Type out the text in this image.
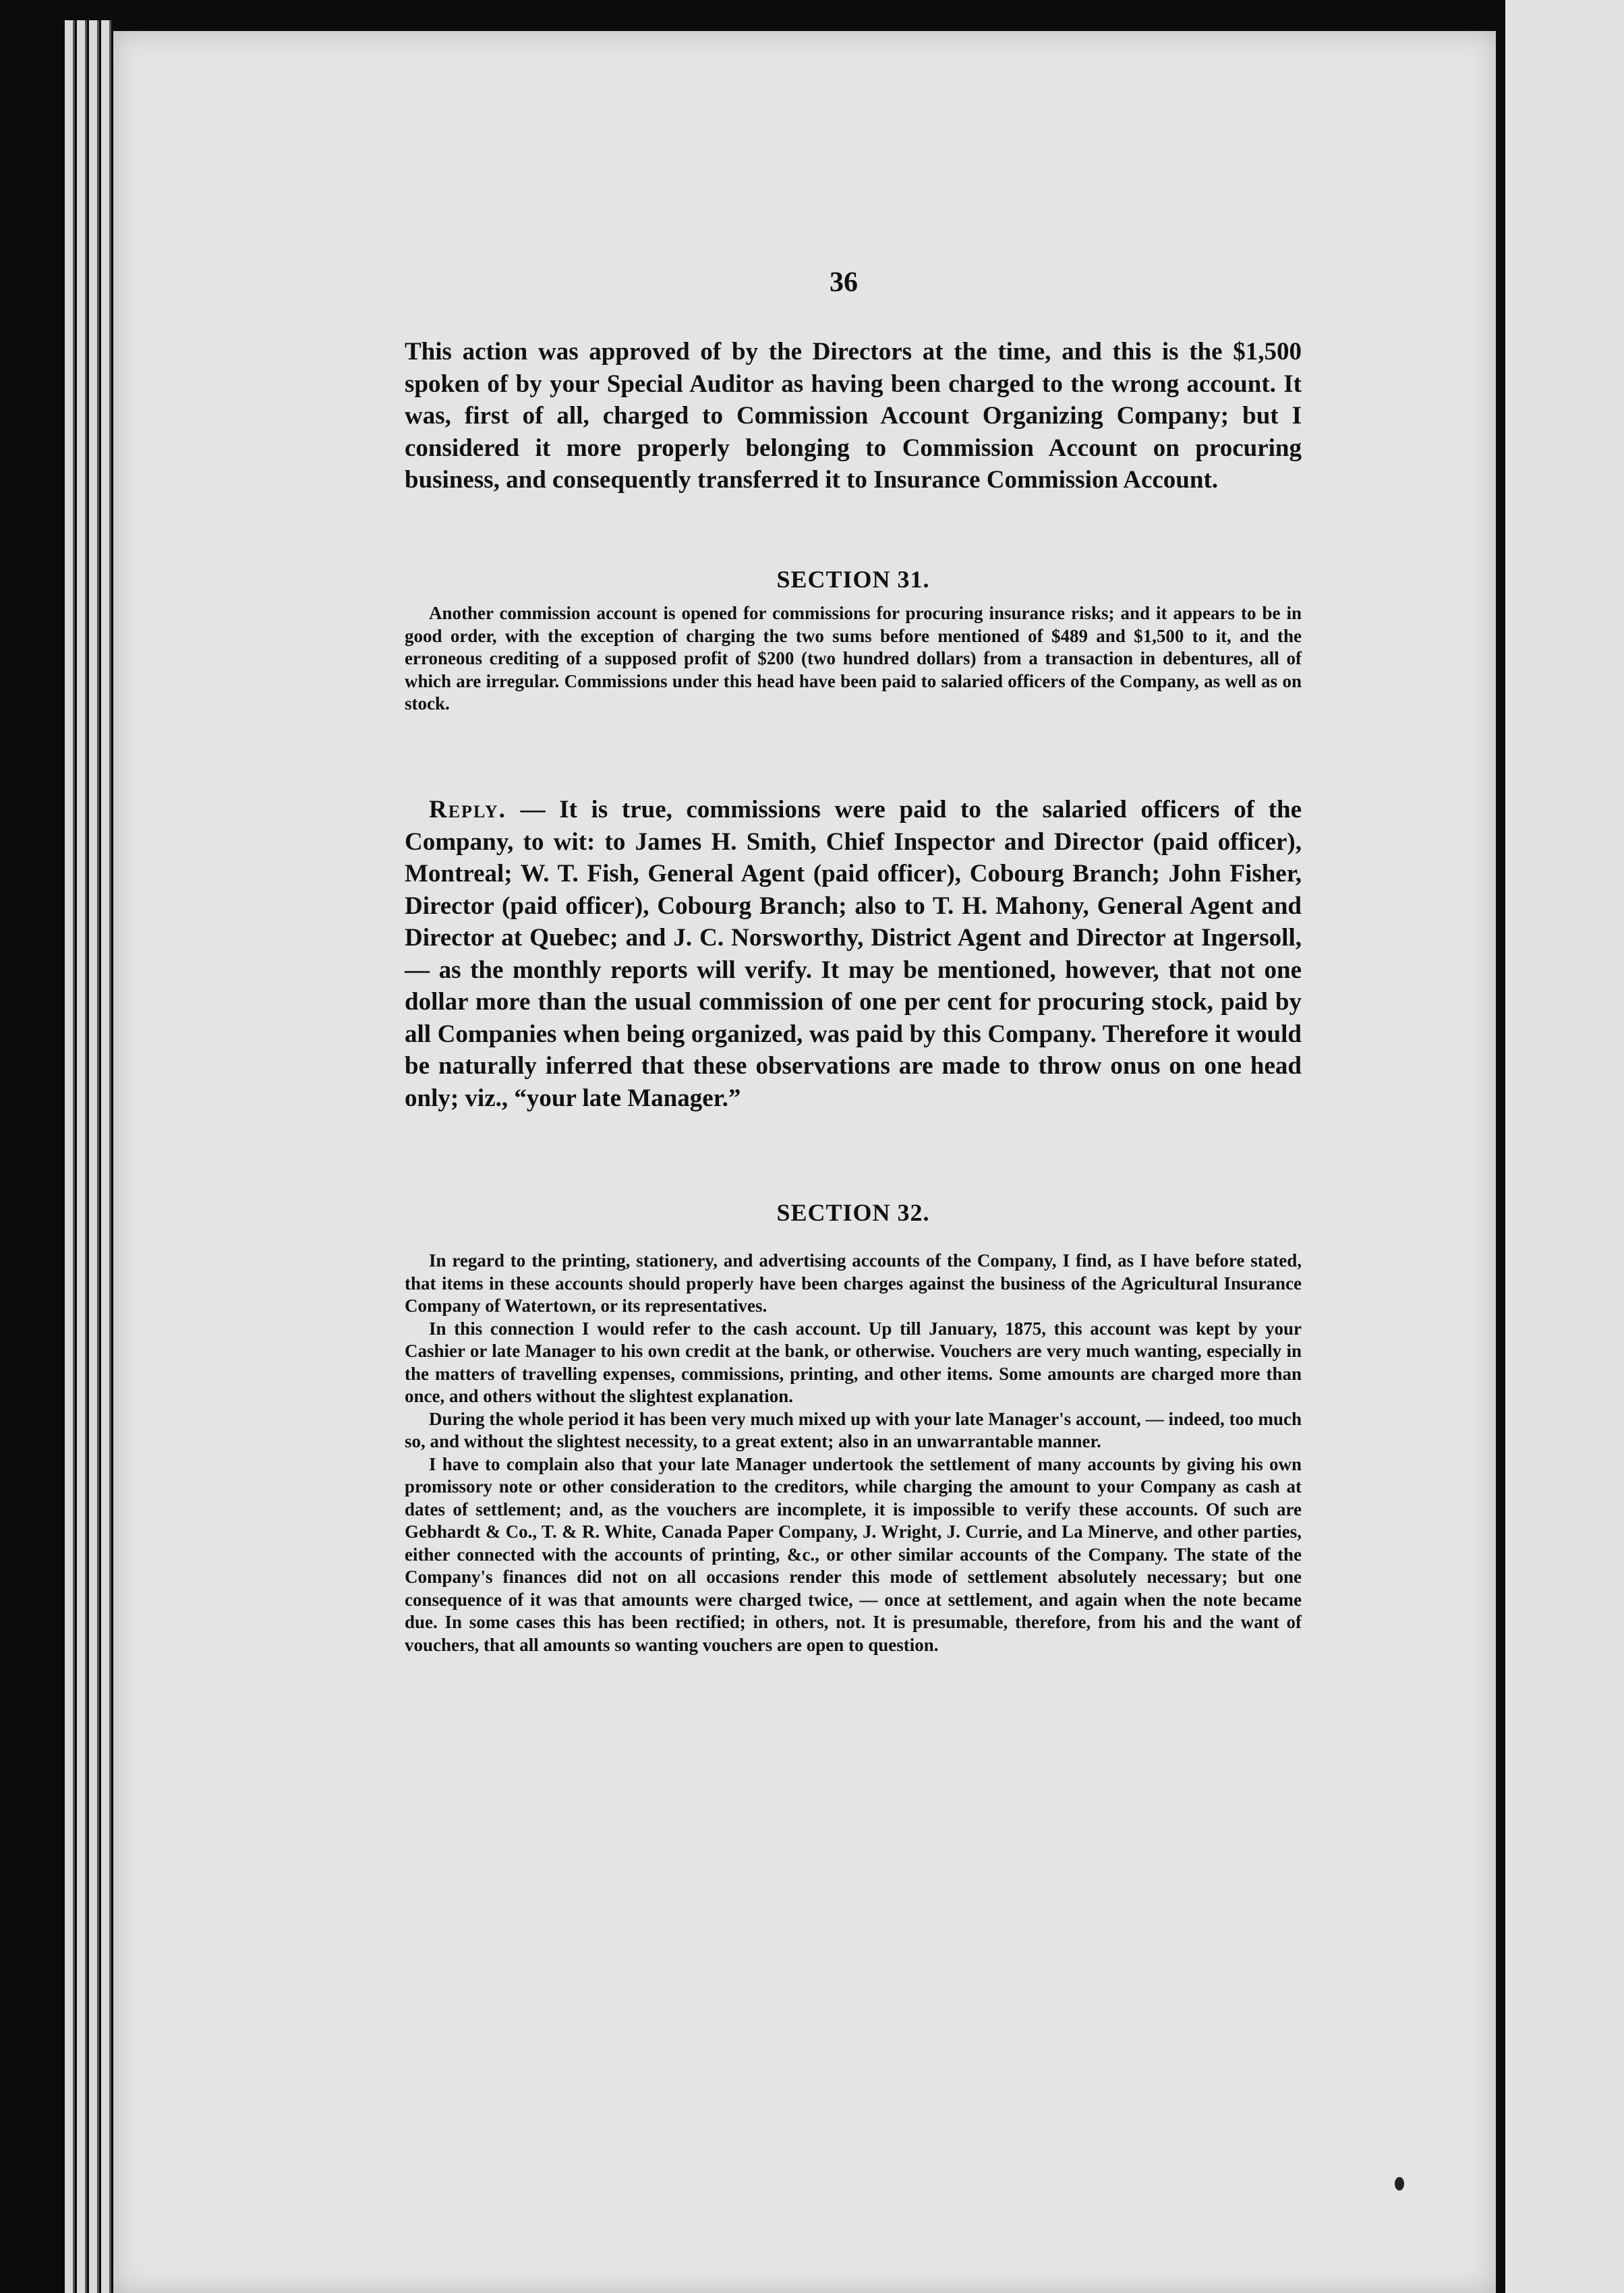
36

This action was approved of by the Directors at the time, and this is the $1,500 spoken of by your Special Auditor as having been charged to the wrong account. It was, first of all, charged to Commission Account Organizing Company; but I considered it more properly belonging to Commission Account on procuring business, and consequently transferred it to Insurance Commission Account.

SECTION 31.

Another commission account is opened for commissions for procuring insurance risks; and it appears to be in good order, with the exception of charging the two sums before mentioned of $489 and $1,500 to it, and the erroneous crediting of a supposed profit of $200 (two hundred dollars) from a transaction in debentures, all of which are irregular. Commissions under this head have been paid to salaried officers of the Company, as well as on stock.

Reply. — It is true, commissions were paid to the salaried officers of the Company, to wit: to James H. Smith, Chief Inspector and Director (paid officer), Montreal; W. T. Fish, General Agent (paid officer), Cobourg Branch; John Fisher, Director (paid officer), Cobourg Branch; also to T. H. Mahony, General Agent and Director at Quebec; and J. C. Norsworthy, District Agent and Director at Ingersoll, — as the monthly reports will verify. It may be mentioned, however, that not one dollar more than the usual commission of one per cent for procuring stock, paid by all Companies when being organized, was paid by this Company. Therefore it would be naturally inferred that these observations are made to throw onus on one head only; viz., “your late Manager.”

SECTION 32.

In regard to the printing, stationery, and advertising accounts of the Company, I find, as I have before stated, that items in these accounts should properly have been charges against the business of the Agricultural Insurance Company of Watertown, or its representatives.

In this connection I would refer to the cash account. Up till January, 1875, this account was kept by your Cashier or late Manager to his own credit at the bank, or otherwise. Vouchers are very much wanting, especially in the matters of travelling expenses, commissions, printing, and other items. Some amounts are charged more than once, and others without the slightest explanation.

During the whole period it has been very much mixed up with your late Manager's account, — indeed, too much so, and without the slightest necessity, to a great extent; also in an unwarrantable manner.

I have to complain also that your late Manager undertook the settlement of many accounts by giving his own promissory note or other consideration to the creditors, while charging the amount to your Company as cash at dates of settlement; and, as the vouchers are incomplete, it is impossible to verify these accounts. Of such are Gebhardt & Co., T. & R. White, Canada Paper Company, J. Wright, J. Currie, and La Minerve, and other parties, either connected with the accounts of printing, &c., or other similar accounts of the Company. The state of the Company's finances did not on all occasions render this mode of settlement absolutely necessary; but one consequence of it was that amounts were charged twice, — once at settlement, and again when the note became due. In some cases this has been rectified; in others, not. It is presumable, therefore, from his and the want of vouchers, that all amounts so wanting vouchers are open to question.
